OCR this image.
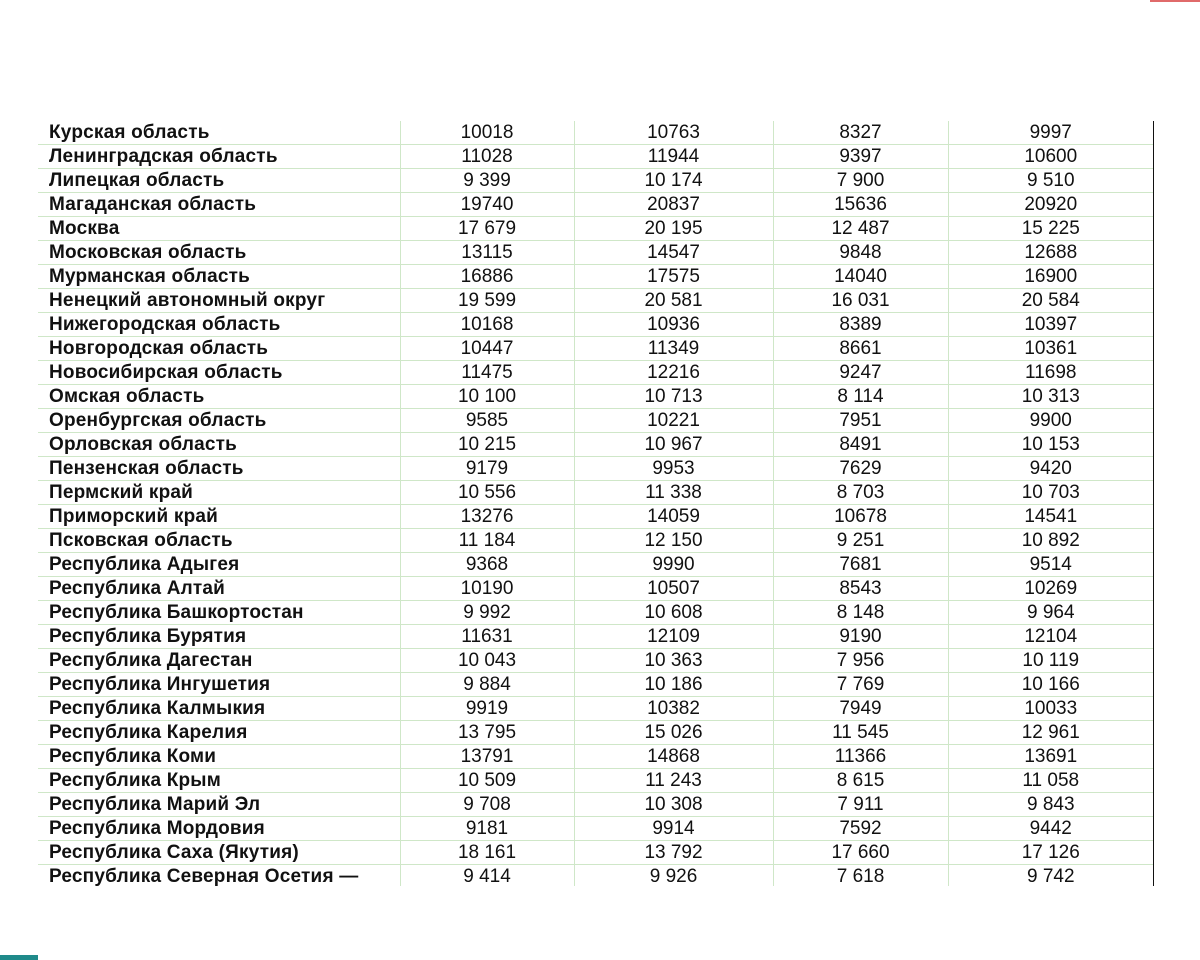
Курская область	10018	10763	8327	9997
Ленинградская область	11028	11944	9397	10600
Липецкая область	9 399	10 174	7 900	9 510
Магаданская область	19740	20837	15636	20920
Москва	17 679	20 195	12 487	15 225
Московская область	13115	14547	9848	12688
Мурманская область	16886	17575	14040	16900
Ненецкий автономный округ	19 599	20 581	16 031	20 584
Нижегородская область	10168	10936	8389	10397
Новгородская область	10447	11349	8661	10361
Новосибирская область	11475	12216	9247	11698
Омская область	10 100	10 713	8 114	10 313
Оренбургская область	9585	10221	7951	9900
Орловская область	10 215	10 967	8491	10 153
Пензенская область	9179	9953	7629	9420
Пермский край	10 556	11 338	8 703	10 703
Приморский край	13276	14059	10678	14541
Псковская область	11 184	12 150	9 251	10 892
Республика Адыгея	9368	9990	7681	9514
Республика Алтай	10190	10507	8543	10269
Республика Башкортостан	9 992	10 608	8 148	9 964
Республика Бурятия	11631	12109	9190	12104
Республика Дагестан	10 043	10 363	7 956	10 119
Республика Ингушетия	9 884	10 186	7 769	10 166
Республика Калмыкия	9919	10382	7949	10033
Республика Карелия	13 795	15 026	11 545	12 961
Республика Коми	13791	14868	11366	13691
Республика Крым	10 509	11 243	8 615	11 058
Республика Марий Эл	9 708	10 308	7 911	9 843
Республика Мордовия	9181	9914	7592	9442
Республика Саха (Якутия)	18 161	13 792	17 660	17 126
Республика Северная Осетия —	9 414	9 926	7 618	9 742
